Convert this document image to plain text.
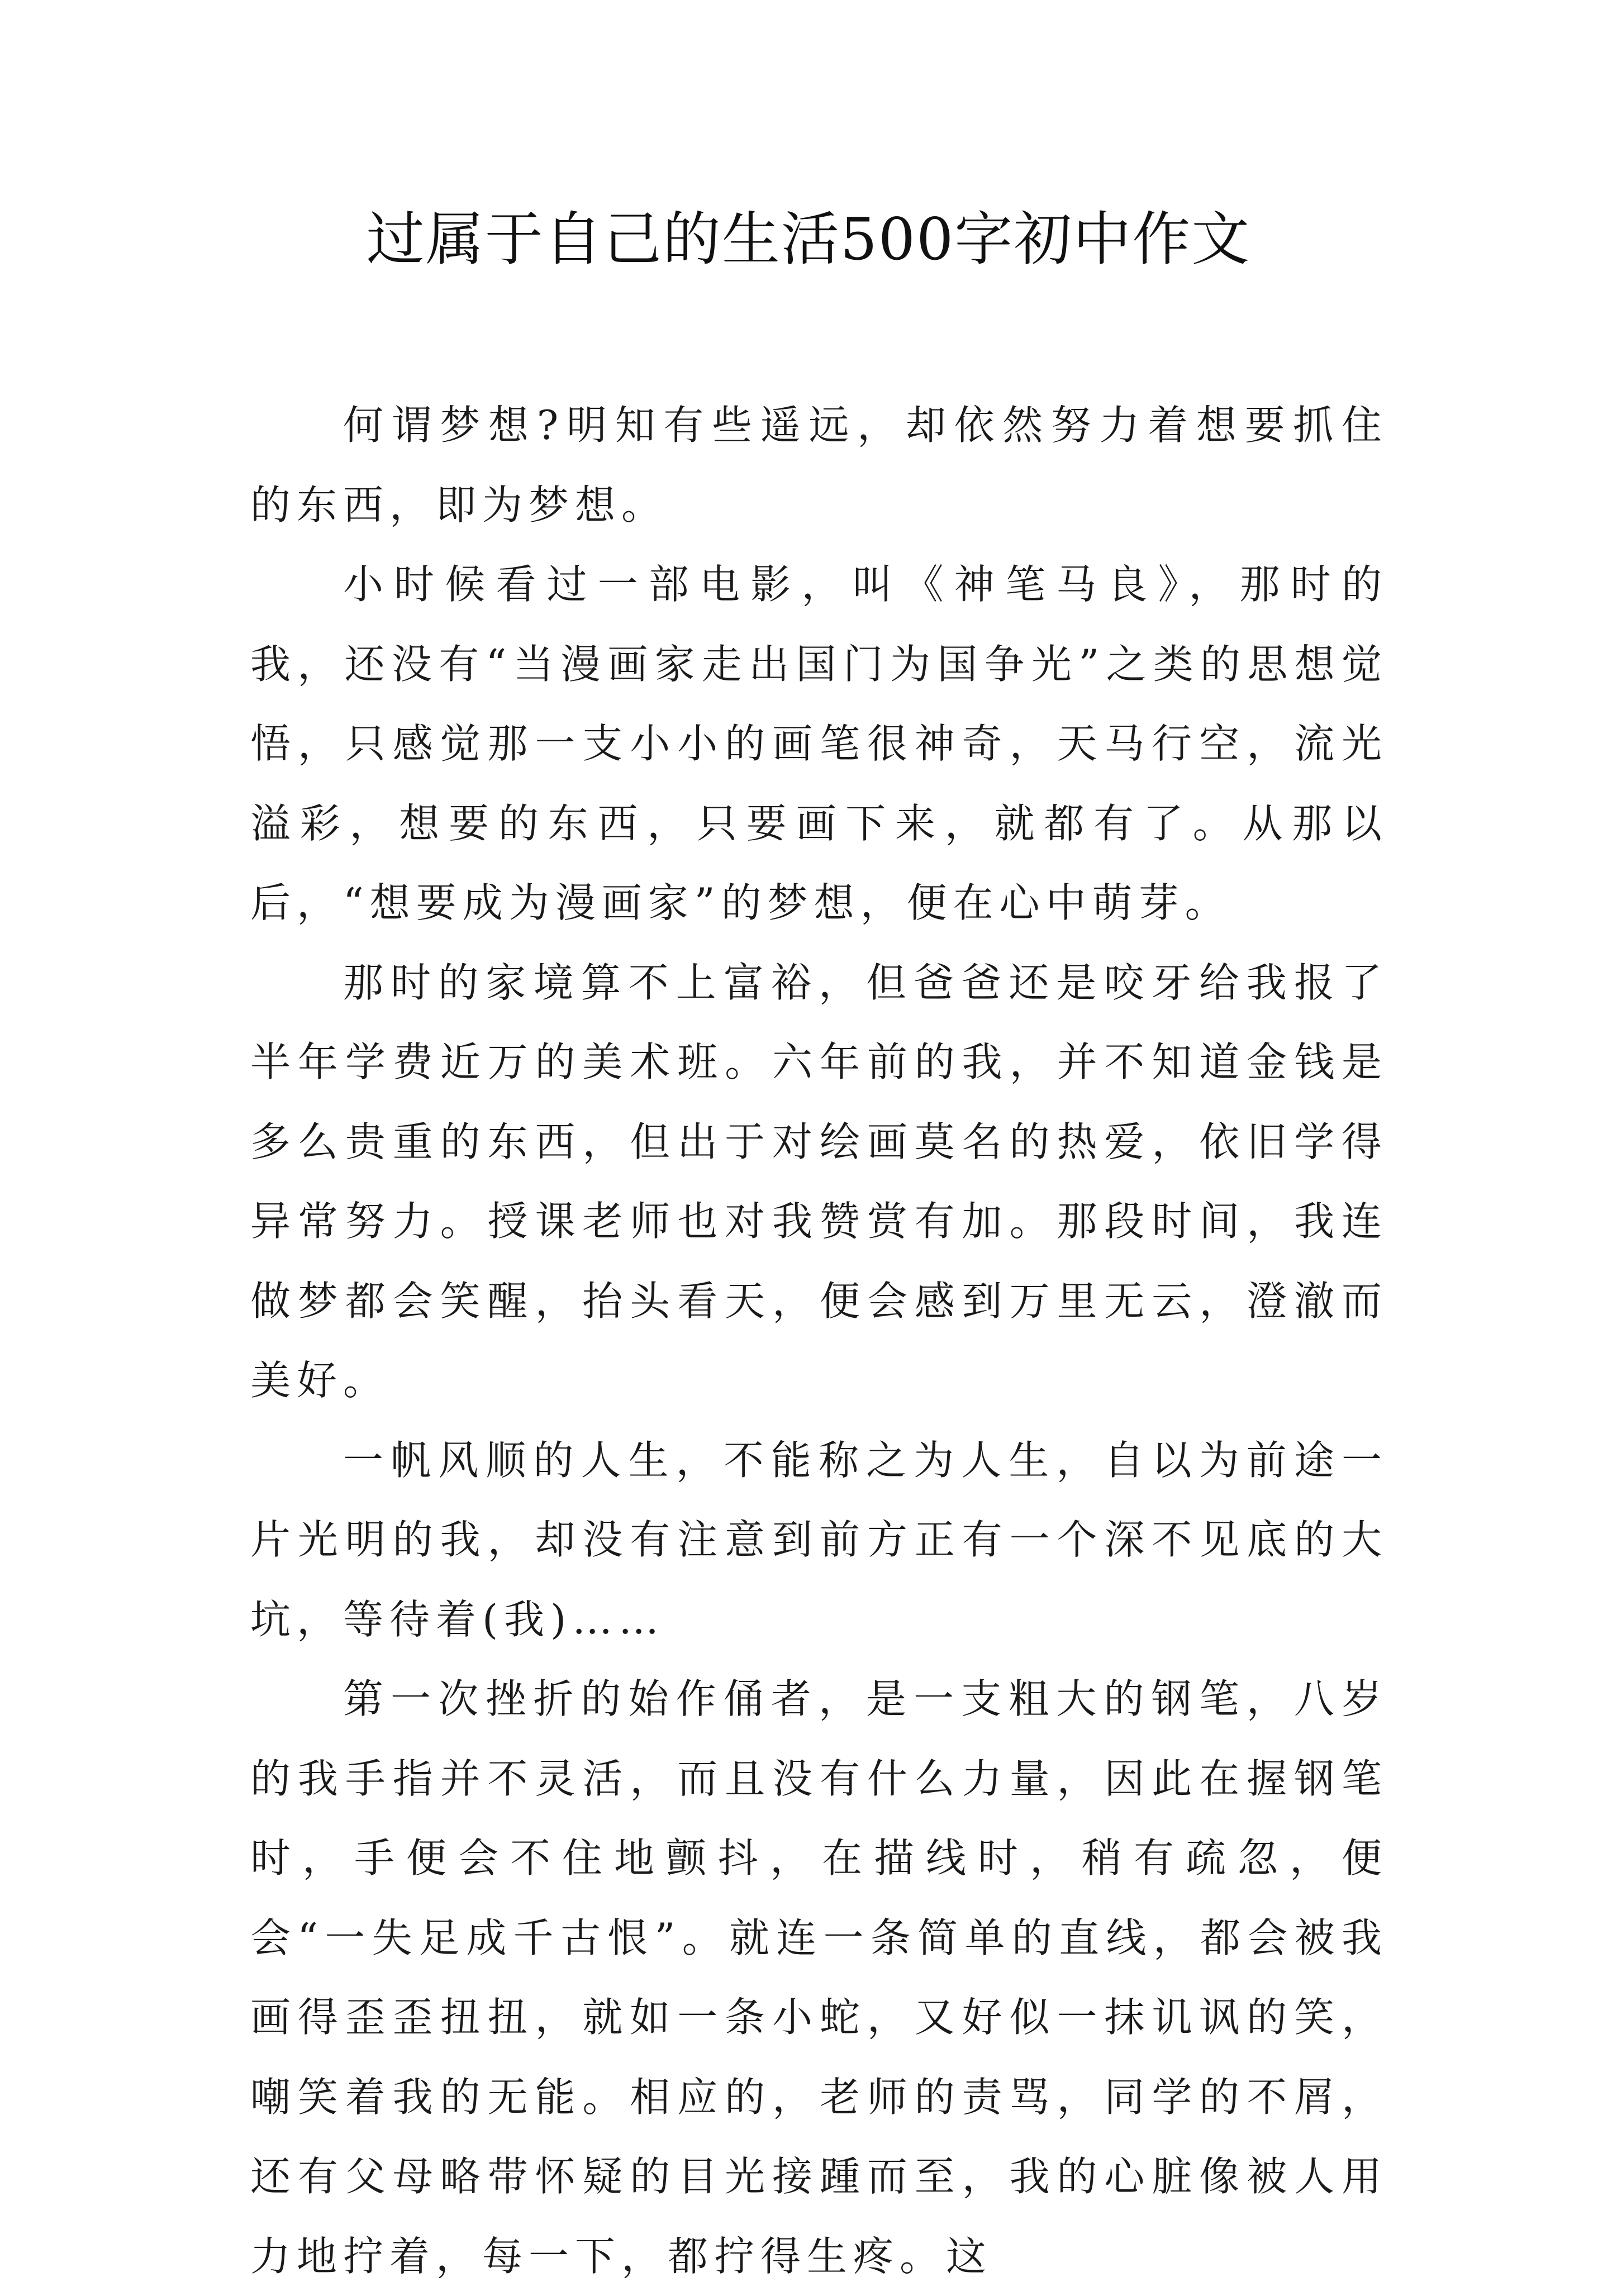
过属于自己的生活500字初中作文

何谓梦想?明知有些遥远，却依然努力着想要抓住的东西，即为梦想。

小时候看过一部电影，叫《神笔马良》，那时的我，还没有“当漫画家走出国门为国争光”之类的思想觉悟，只感觉那一支小小的画笔很神奇，天马行空，流光溢彩，想要的东西，只要画下来，就都有了。从那以后，“想要成为漫画家”的梦想，便在心中萌芽。

那时的家境算不上富裕，但爸爸还是咬牙给我报了半年学费近万的美术班。六年前的我，并不知道金钱是多么贵重的东西，但出于对绘画莫名的热爱，依旧学得异常努力。授课老师也对我赞赏有加。那段时间，我连做梦都会笑醒，抬头看天，便会感到万里无云，澄澈而美好。

一帆风顺的人生，不能称之为人生，自以为前途一片光明的我，却没有注意到前方正有一个深不见底的大坑，等待着(我)……

第一次挫折的始作俑者，是一支粗大的钢笔，八岁的我手指并不灵活，而且没有什么力量，因此在握钢笔时，手便会不住地颤抖，在描线时，稍有疏忽，便会“一失足成千古恨”。就连一条简单的直线，都会被我画得歪歪扭扭，就如一条小蛇，又好似一抹讥讽的笑，嘲笑着我的无能。相应的，老师的责骂，同学的不屑，还有父母略带怀疑的目光接踵而至，我的心脏像被人用力地拧着，每一下，都拧得生疼。这
